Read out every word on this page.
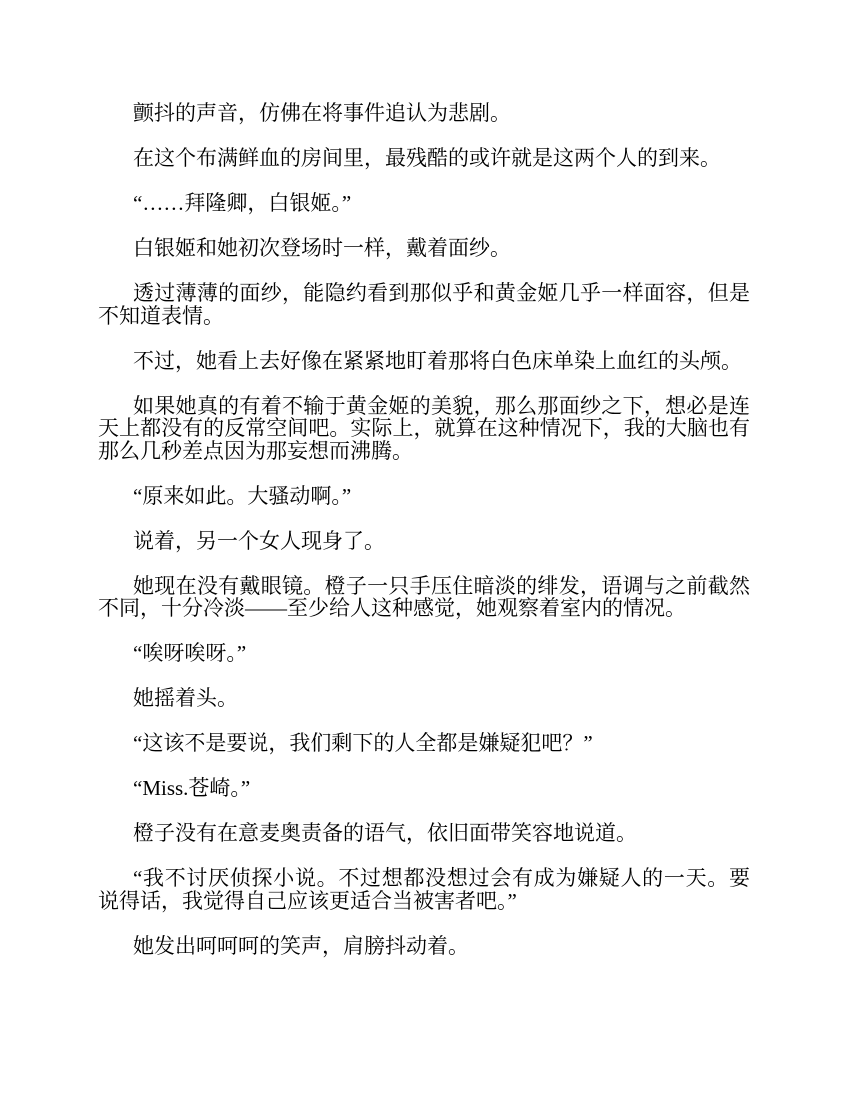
颤抖的声音，仿佛在将事件追认为悲剧。

在这个布满鲜血的房间里，最残酷的或许就是这两个人的到来。

“……拜隆卿，白银姬。”

白银姬和她初次登场时一样，戴着面纱。

透过薄薄的面纱，能隐约看到那似乎和黄金姬几乎一样面容，但是不知道表情。

不过，她看上去好像在紧紧地盯着那将白色床单染上血红的头颅。

如果她真的有着不输于黄金姬的美貌，那么那面纱之下，想必是连天上都没有的反常空间吧。实际上，就算在这种情况下，我的大脑也有那么几秒差点因为那妄想而沸腾。

“原来如此。大骚动啊。”

说着，另一个女人现身了。

她现在没有戴眼镜。橙子一只手压住暗淡的绯发，语调与之前截然不同，十分冷淡——至少给人这种感觉，她观察着室内的情况。

“唉呀唉呀。”

她摇着头。

“这该不是要说，我们剩下的人全都是嫌疑犯吧？”

“Miss.苍崎。”

橙子没有在意麦奥责备的语气，依旧面带笑容地说道。

“我不讨厌侦探小说。不过想都没想过会有成为嫌疑人的一天。要说得话，我觉得自己应该更适合当被害者吧。”

她发出呵呵呵的笑声，肩膀抖动着。
